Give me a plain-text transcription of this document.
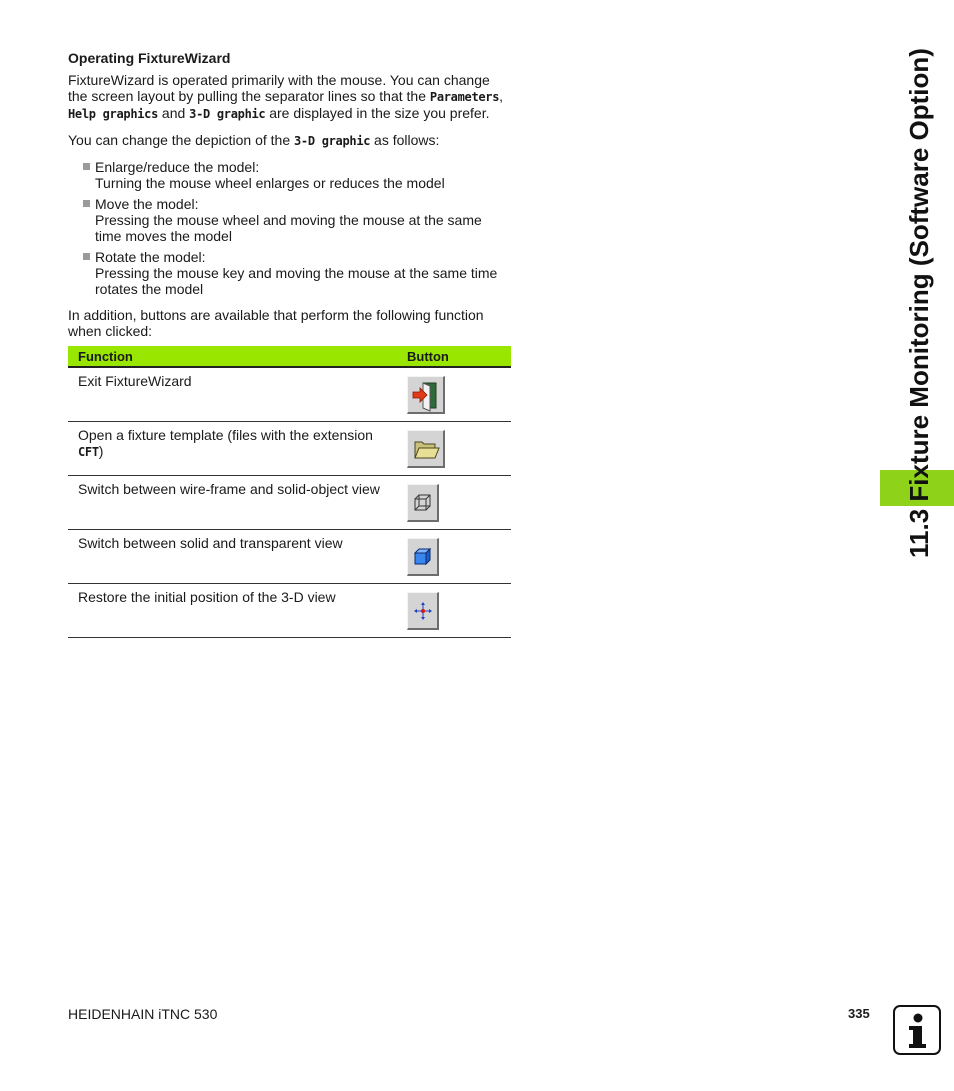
Operating FixtureWizard

FixtureWizard is operated primarily with the mouse. You can change the screen layout by pulling the separator lines so that the Parameters, Help graphics and 3-D graphic are displayed in the size you prefer.

You can change the depiction of the 3-D graphic as follows:

Enlarge/reduce the model:
Turning the mouse wheel enlarges or reduces the model
Move the model:
Pressing the mouse wheel and moving the mouse at the same time moves the model
Rotate the model:
Pressing the mouse key and moving the mouse at the same time rotates the model

In addition, buttons are available that perform the following function when clicked:

Function	Button
Exit FixtureWizard
Open a fixture template (files with the extension CFT)
Switch between wire-frame and solid-object view
Switch between solid and transparent view
Restore the initial position of the 3-D view
11.3 Fixture Monitoring (Software Option)
HEIDENHAIN iTNC 530	335
